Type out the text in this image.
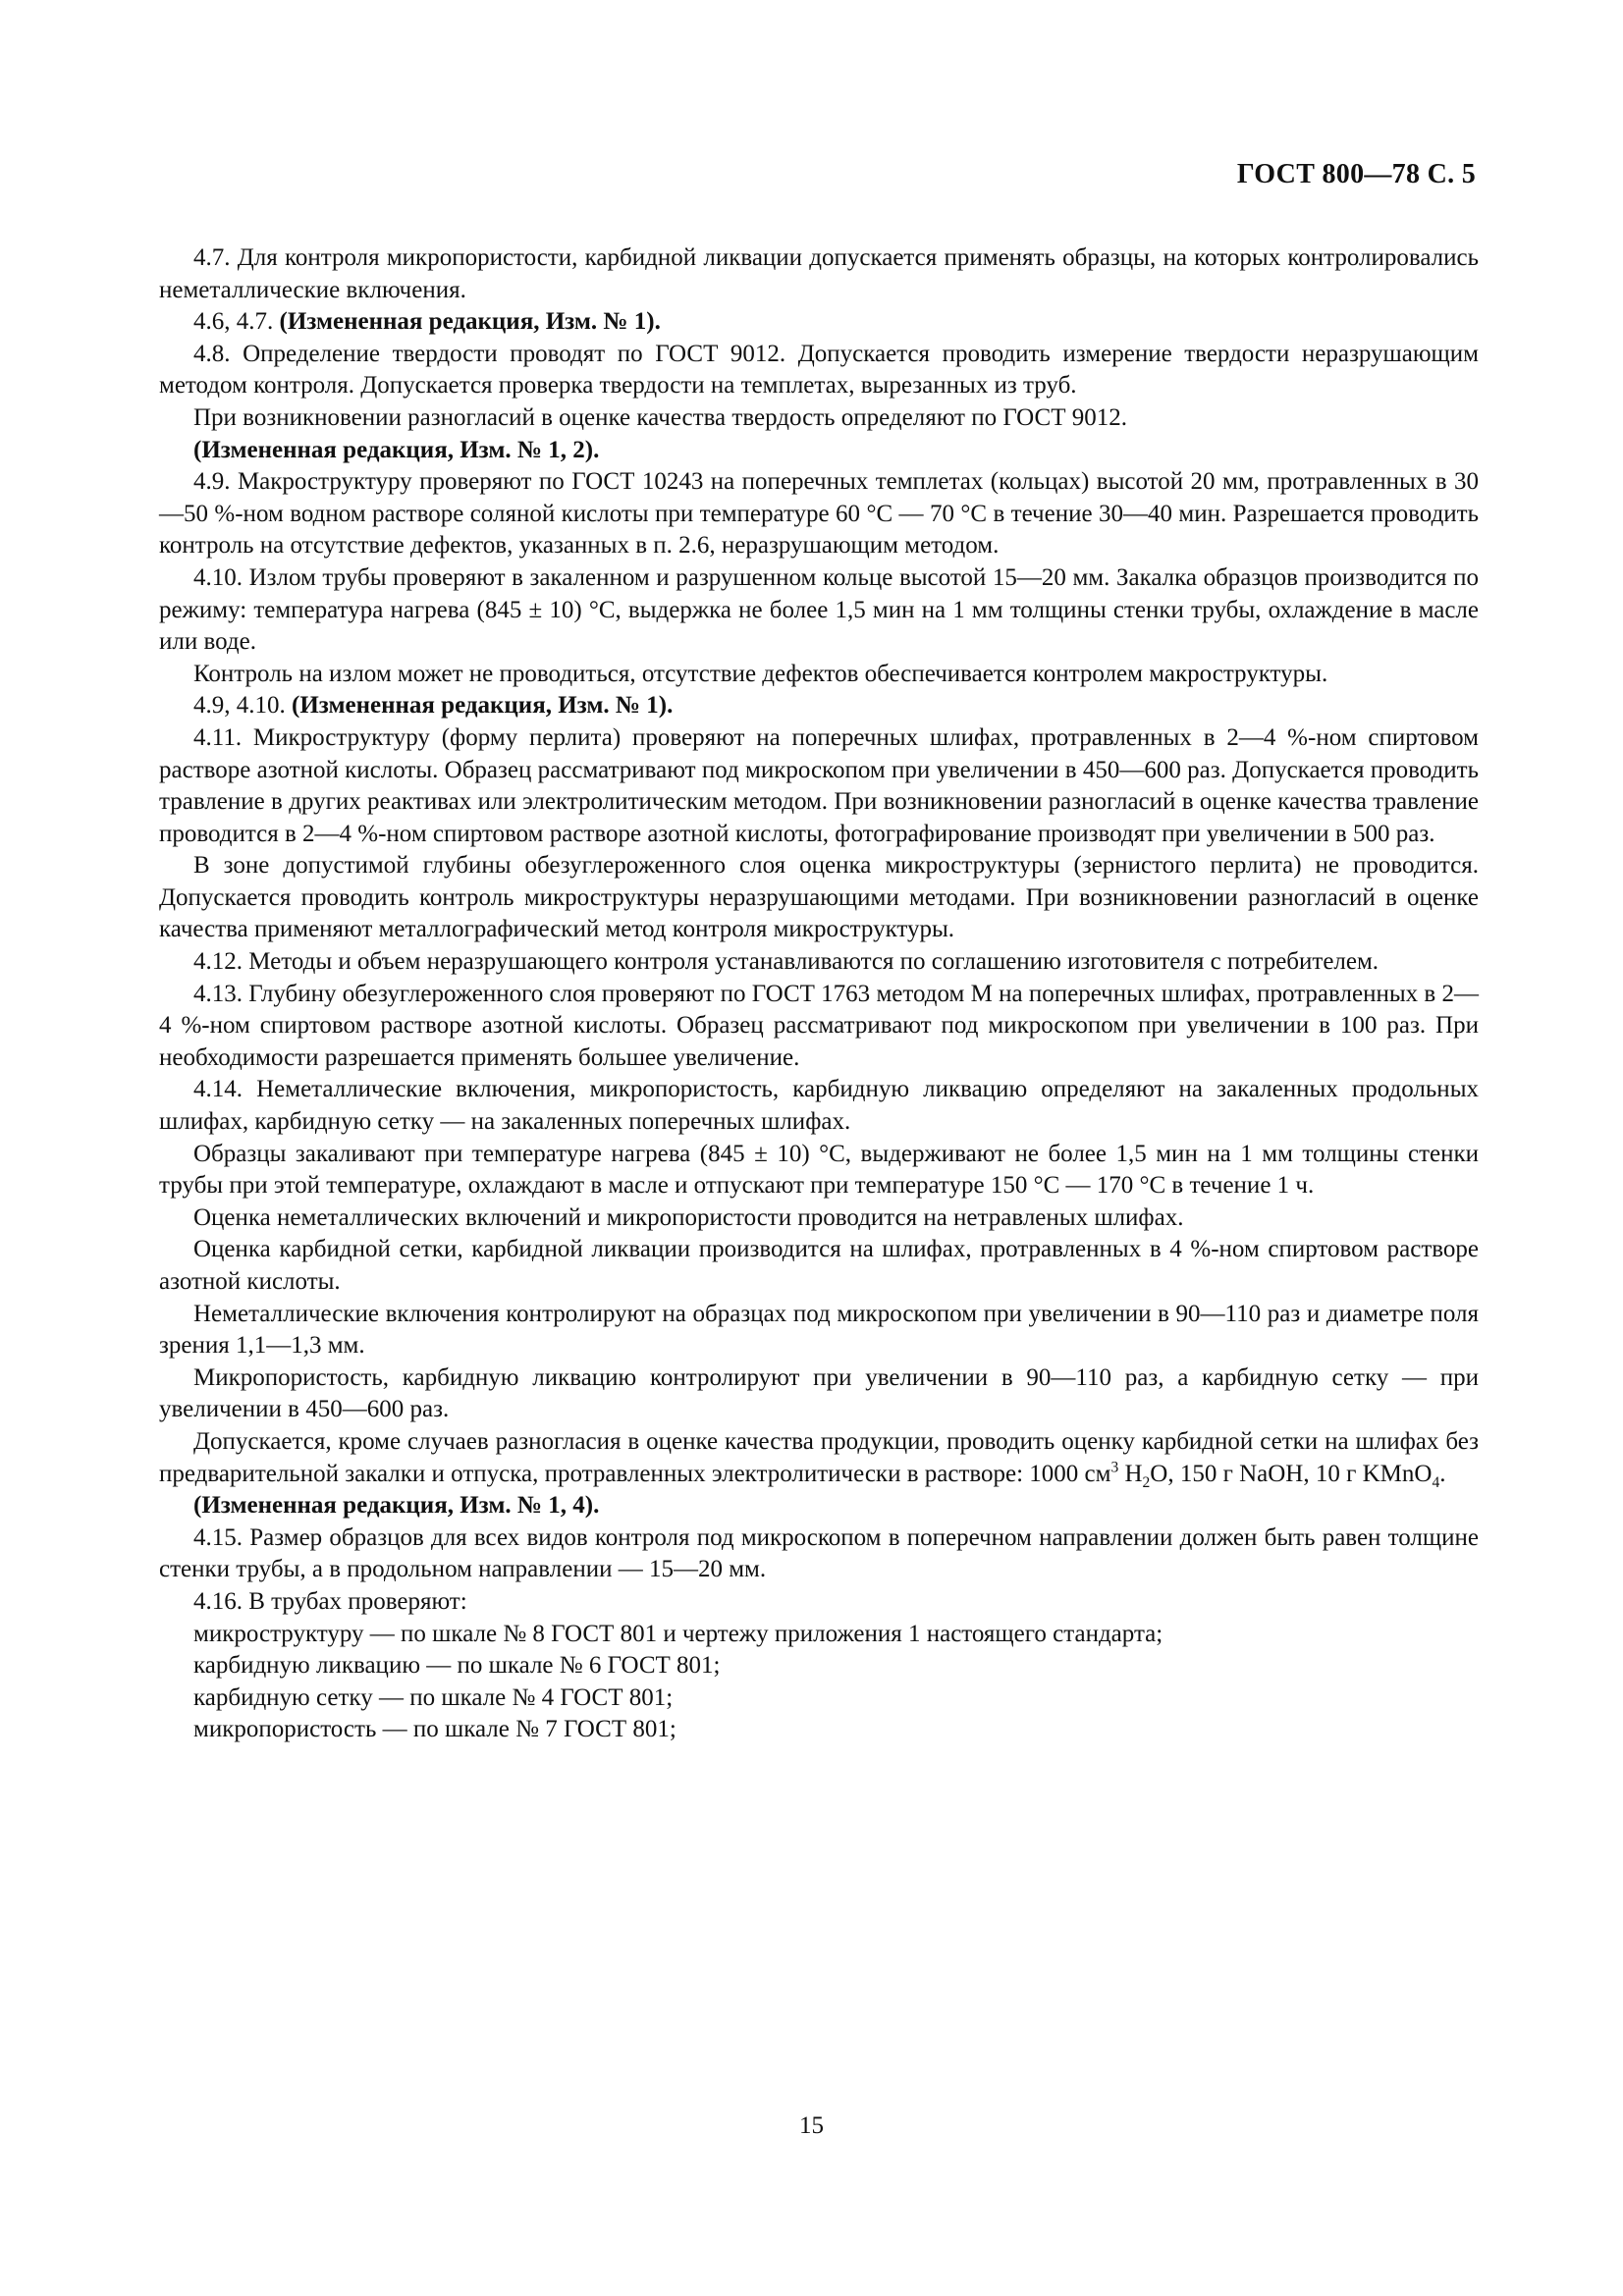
ГОСТ 800—78 С. 5

4.7. Для контроля микропористости, карбидной ликвации допускается применять образцы, на которых контролировались неметаллические включения.

4.6, 4.7. (Измененная редакция, Изм. № 1).

4.8. Определение твердости проводят по ГОСТ 9012. Допускается проводить измерение твердости неразрушающим методом контроля. Допускается проверка твердости на темплетах, вырезанных из труб.

При возникновении разногласий в оценке качества твердость определяют по ГОСТ 9012.

(Измененная редакция, Изм. № 1, 2).

4.9. Макроструктуру проверяют по ГОСТ 10243 на поперечных темплетах (кольцах) высотой 20 мм, протравленных в 30—50 %-ном водном растворе соляной кислоты при температуре 60 °С — 70 °С в течение 30—40 мин. Разрешается проводить контроль на отсутствие дефектов, указанных в п. 2.6, неразрушающим методом.

4.10. Излом трубы проверяют в закаленном и разрушенном кольце высотой 15—20 мм. Закалка образцов производится по режиму: температура нагрева (845 ± 10) °С, выдержка не более 1,5 мин на 1 мм толщины стенки трубы, охлаждение в масле или воде.

Контроль на излом может не проводиться, отсутствие дефектов обеспечивается контролем макроструктуры.

4.9, 4.10. (Измененная редакция, Изм. № 1).

4.11. Микроструктуру (форму перлита) проверяют на поперечных шлифах, протравленных в 2—4 %-ном спиртовом растворе азотной кислоты. Образец рассматривают под микроскопом при увеличении в 450—600 раз. Допускается проводить травление в других реактивах или электролитическим методом. При возникновении разногласий в оценке качества травление проводится в 2—4 %-ном спиртовом растворе азотной кислоты, фотографирование производят при увеличении в 500 раз.

В зоне допустимой глубины обезуглероженного слоя оценка микроструктуры (зернистого перлита) не проводится. Допускается проводить контроль микроструктуры неразрушающими методами. При возникновении разногласий в оценке качества применяют металлографический метод контроля микроструктуры.

4.12. Методы и объем неразрушающего контроля устанавливаются по соглашению изготовителя с потребителем.

4.13. Глубину обезуглероженного слоя проверяют по ГОСТ 1763 методом М на поперечных шлифах, протравленных в 2—4 %-ном спиртовом растворе азотной кислоты. Образец рассматривают под микроскопом при увеличении в 100 раз. При необходимости разрешается применять большее увеличение.

4.14. Неметаллические включения, микропористость, карбидную ликвацию определяют на закаленных продольных шлифах, карбидную сетку — на закаленных поперечных шлифах.

Образцы закаливают при температуре нагрева (845 ± 10) °С, выдерживают не более 1,5 мин на 1 мм толщины стенки трубы при этой температуре, охлаждают в масле и отпускают при температуре 150 °С — 170 °С в течение 1 ч.

Оценка неметаллических включений и микропористости проводится на нетравленых шлифах.

Оценка карбидной сетки, карбидной ликвации производится на шлифах, протравленных в 4 %-ном спиртовом растворе азотной кислоты.

Неметаллические включения контролируют на образцах под микроскопом при увеличении в 90—110 раз и диаметре поля зрения 1,1—1,3 мм.

Микропористость, карбидную ликвацию контролируют при увеличении в 90—110 раз, а карбидную сетку — при увеличении в 450—600 раз.

Допускается, кроме случаев разногласия в оценке качества продукции, проводить оценку карбидной сетки на шлифах без предварительной закалки и отпуска, протравленных электролитически в растворе: 1000 $см^3$ $H_2O$, 150 г NaOH, 10 г KMnO$_4$.

(Измененная редакция, Изм. № 1, 4).

4.15. Размер образцов для всех видов контроля под микроскопом в поперечном направлении должен быть равен толщине стенки трубы, а в продольном направлении — 15—20 мм.

4.16. В трубах проверяют:

микроструктуру — по шкале № 8 ГОСТ 801 и чертежу приложения 1 настоящего стандарта;

карбидную ликвацию — по шкале № 6 ГОСТ 801;

карбидную сетку — по шкале № 4 ГОСТ 801;

микропористость — по шкале № 7 ГОСТ 801;

15
